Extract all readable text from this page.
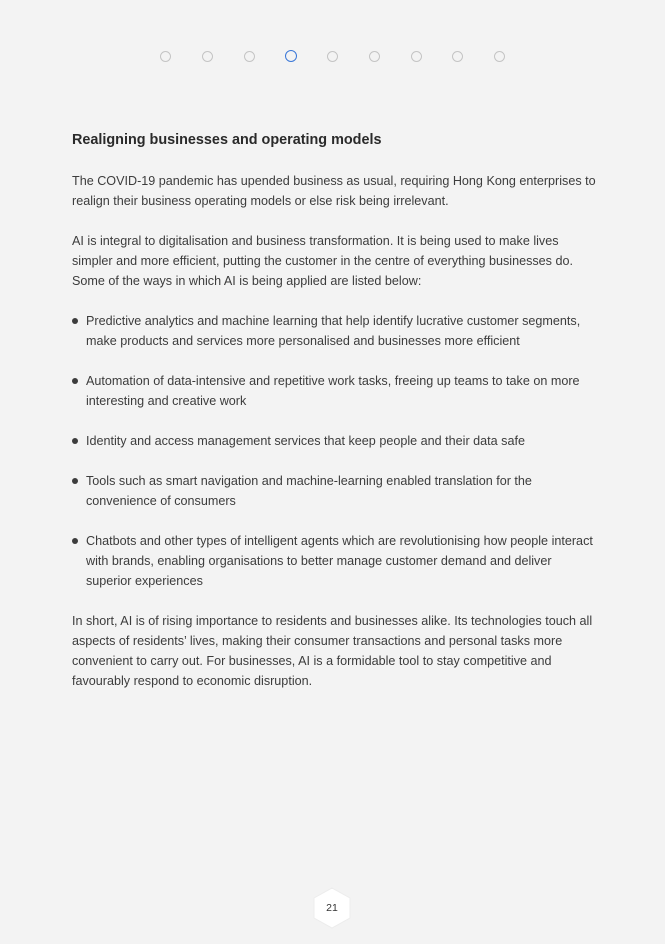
Realigning businesses and operating models

The COVID-19 pandemic has upended business as usual, requiring Hong Kong enterprises to realign their business operating models or else risk being irrelevant.

AI is integral to digitalisation and business transformation. It is being used to make lives simpler and more efficient, putting the customer in the centre of everything businesses do. Some of the ways in which AI is being applied are listed below:

Predictive analytics and machine learning that help identify lucrative customer segments, make products and services more personalised and businesses more efficient
Automation of data-intensive and repetitive work tasks, freeing up teams to take on more interesting and creative work
Identity and access management services that keep people and their data safe
Tools such as smart navigation and machine-learning enabled translation for the convenience of consumers
Chatbots and other types of intelligent agents which are revolutionising how people interact with brands, enabling organisations to better manage customer demand and deliver superior experiences

In short, AI is of rising importance to residents and businesses alike. Its technologies touch all aspects of residents’ lives, making their consumer transactions and personal tasks more convenient to carry out. For businesses, AI is a formidable tool to stay competitive and favourably respond to economic disruption.

21
